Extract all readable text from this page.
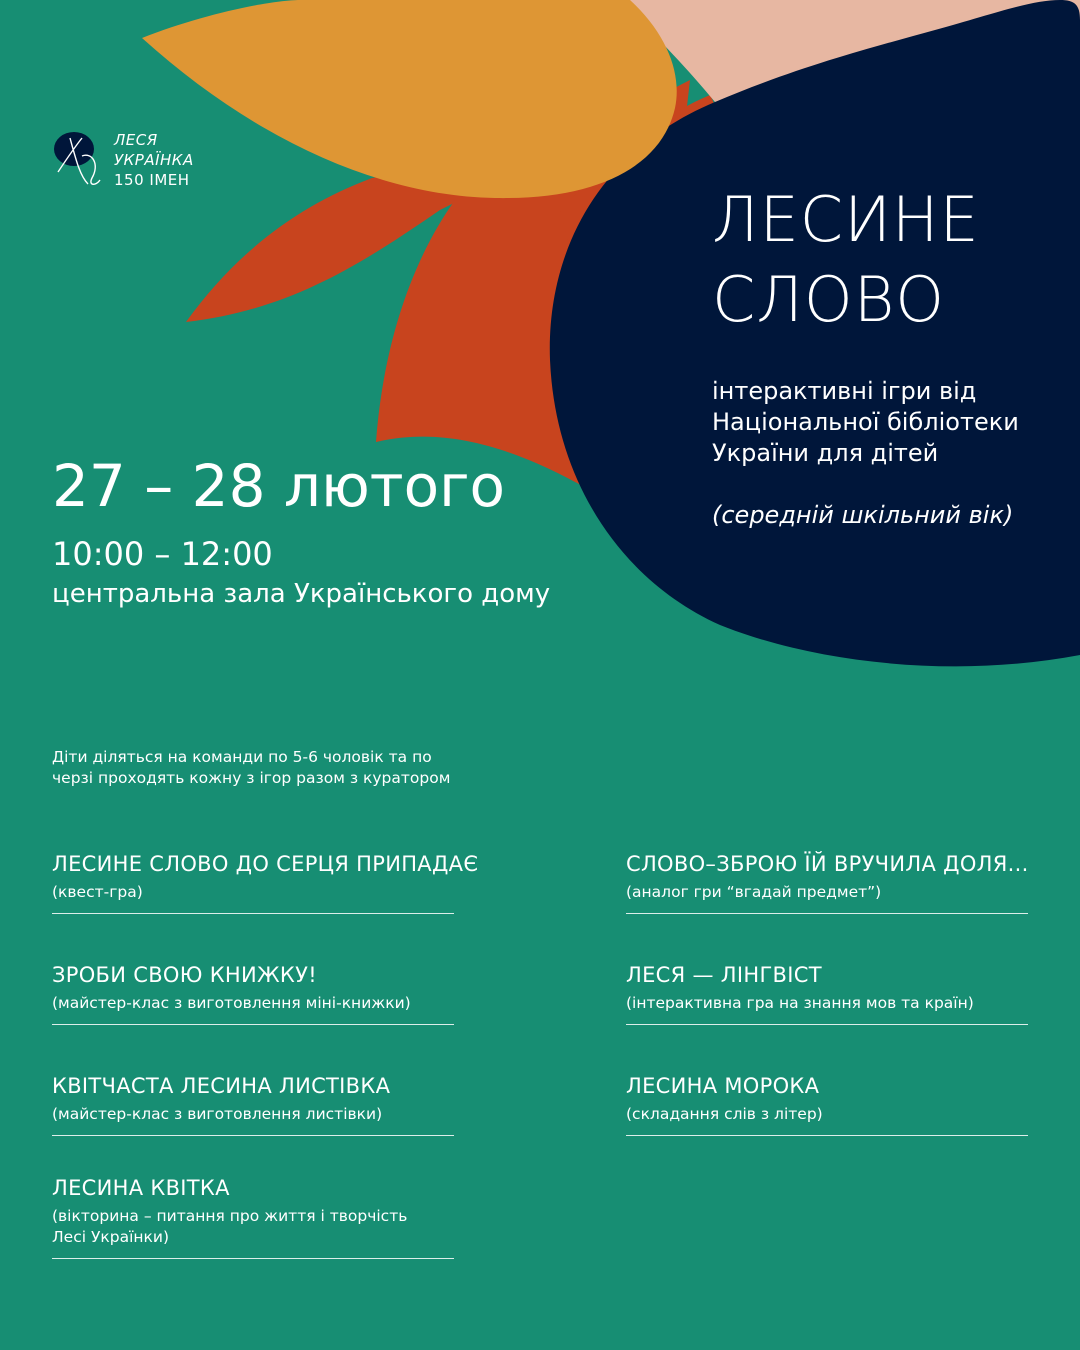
ЛЕСЯ
УКРАЇНКА
150 ІМЕН
ЛЕСИНЕ
СЛОВО
інтерактивні ігри від
Національної бібліотеки
України для дітей
(середній шкільний вік)
27 – 28 лютого
10:00 – 12:00
центральна зала Українського дому
Діти діляться на команди по 5-6 чоловік та по
черзі проходять кожну з ігор разом з куратором
ЛЕСИНЕ СЛОВО ДО СЕРЦЯ ПРИПАДАЄ
(квест-гра)
ЗРОБИ СВОЮ КНИЖКУ!
(майстер-клас з виготовлення міні-книжки)
КВІТЧАСТА ЛЕСИНА ЛИСТІВКА
(майстер-клас з виготовлення листівки)
ЛЕСИНА КВІТКА
(вікторина – питання про життя і творчість
Лесі Українки)
СЛОВО–ЗБРОЮ ЇЙ ВРУЧИЛА ДОЛЯ...
(аналог гри “вгадай предмет”)
ЛЕСЯ — ЛІНГВІСТ
(інтерактивна гра на знання мов та країн)
ЛЕСИНА МОРОКА
(складання слів з літер)
